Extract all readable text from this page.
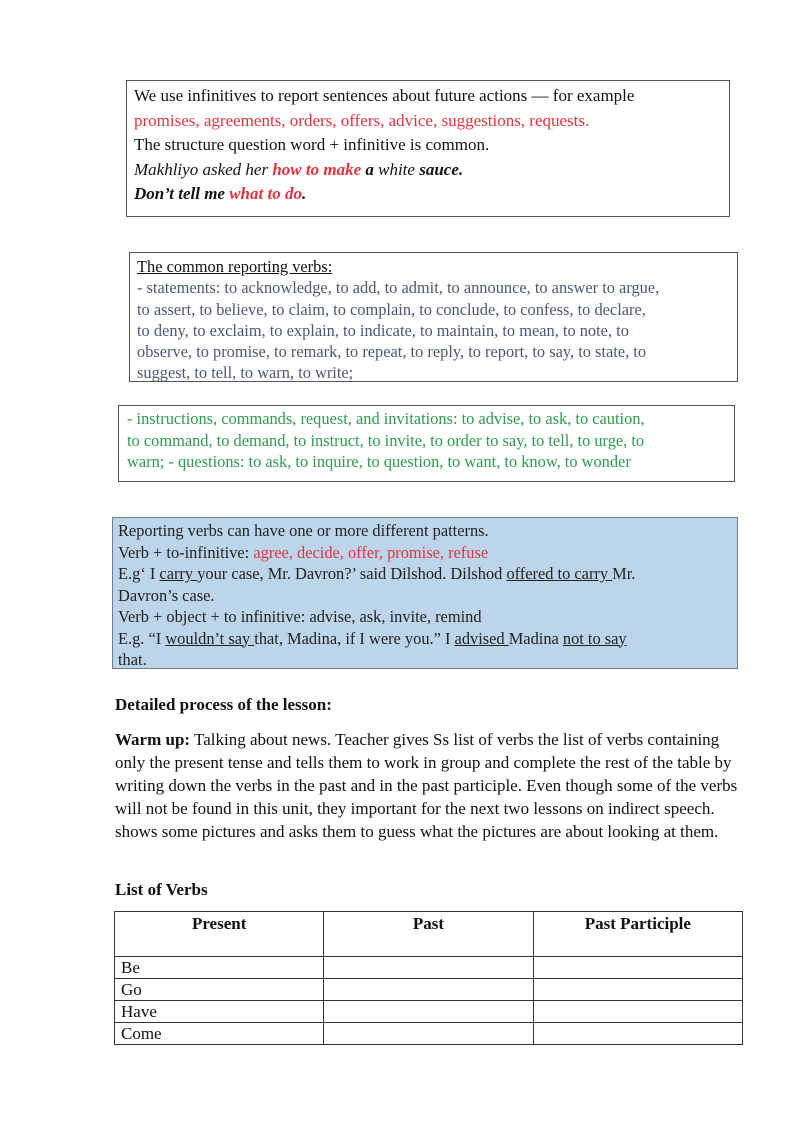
We use infinitives to report sentences about future actions — for example
promises, agreements, orders, offers, advice, suggestions, requests.
The structure question word + infinitive is common.
Makhliyo asked her how to make a white sauce.
Don’t tell me what to do.
The common reporting verbs:
- statements: to acknowledge, to add, to admit, to announce, to answer to argue,
to assert, to believe, to claim, to complain, to conclude, to confess, to declare,
to deny, to exclaim, to explain, to indicate, to maintain, to mean, to note, to
observe, to promise, to remark, to repeat, to reply, to report, to say, to state, to
suggest, to tell, to warn, to write;
- instructions, commands, request, and invitations: to advise, to ask, to caution,
to command, to demand, to instruct, to invite, to order to say, to tell, to urge, to
warn; - questions: to ask, to inquire, to question, to want, to know, to wonder
Reporting verbs can have one or more different patterns.
Verb + to-infinitive: agree, decide, offer, promise, refuse
E.g‘ I carry your case, Mr. Davron?’ said Dilshod. Dilshod offered to carry Mr.
Davron’s case.
Verb + object + to infinitive: advise, ask, invite, remind
E.g. “I wouldn’t say that, Madina, if I were you.” I advised Madina not to say
that.
Detailed process of the lesson:
Warm up: Talking about news. Teacher gives Ss list of verbs the list of verbs containing only the present tense and tells them to work in group and complete the rest of the table by writing down the verbs in the past and in the past participle. Even though some of the verbs will not be found in this unit, they important for the next two lessons on indirect speech. shows some pictures and asks them to guess what the pictures are about looking at them.
List of Verbs
Present	Past	Past Participle
Be		
Go		
Have		
Come		
